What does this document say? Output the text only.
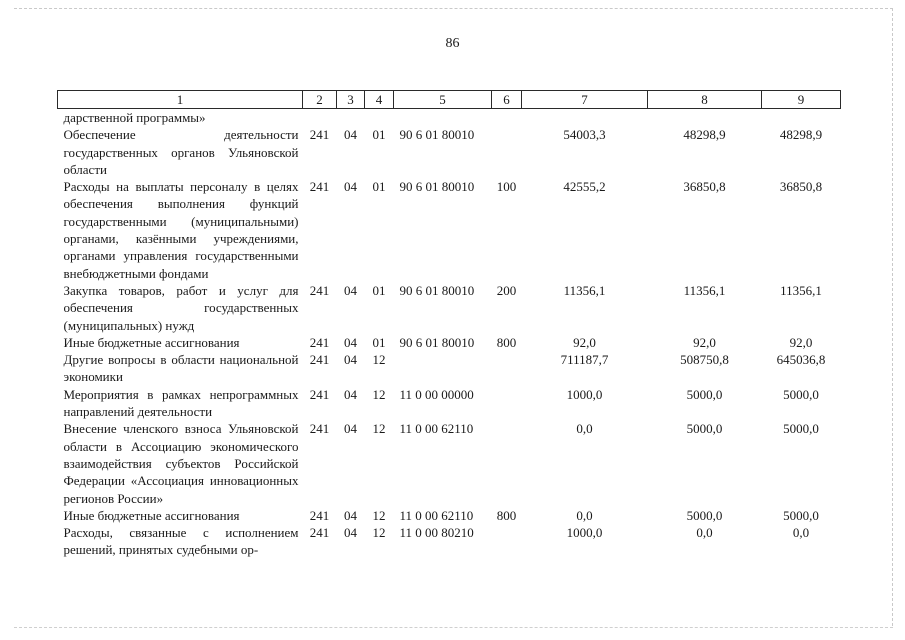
86
1	2	3	4	5	6	7	8	9
дарственной программы»								
Обеспечение деятельности государственных органов Ульяновской области	241	04	01	90 6 01 80010		54003,3	48298,9	48298,9
Расходы на выплаты персоналу в целях обеспечения выполнения функций государственными (муниципальными) органами, казёнными учреждениями, органами управления государственными внебюджетными фондами	241	04	01	90 6 01 80010	100	42555,2	36850,8	36850,8
Закупка товаров, работ и услуг для обеспечения государственных (муниципальных) нужд	241	04	01	90 6 01 80010	200	11356,1	11356,1	11356,1
Иные бюджетные ассигнования	241	04	01	90 6 01 80010	800	92,0	92,0	92,0
Другие вопросы в области национальной экономики	241	04	12			711187,7	508750,8	645036,8
Мероприятия в рамках непрограммных направлений деятельности	241	04	12	11 0 00 00000		1000,0	5000,0	5000,0
Внесение членского взноса Ульяновской области в Ассоциацию экономического взаимодействия субъектов Российской Федерации «Ассоциация инновационных регионов России»	241	04	12	11 0 00 62110		0,0	5000,0	5000,0
Иные бюджетные ассигнования	241	04	12	11 0 00 62110	800	0,0	5000,0	5000,0
Расходы, связанные с исполнением решений, принятых судебными ор-	241	04	12	11 0 00 80210		1000,0	0,0	0,0
